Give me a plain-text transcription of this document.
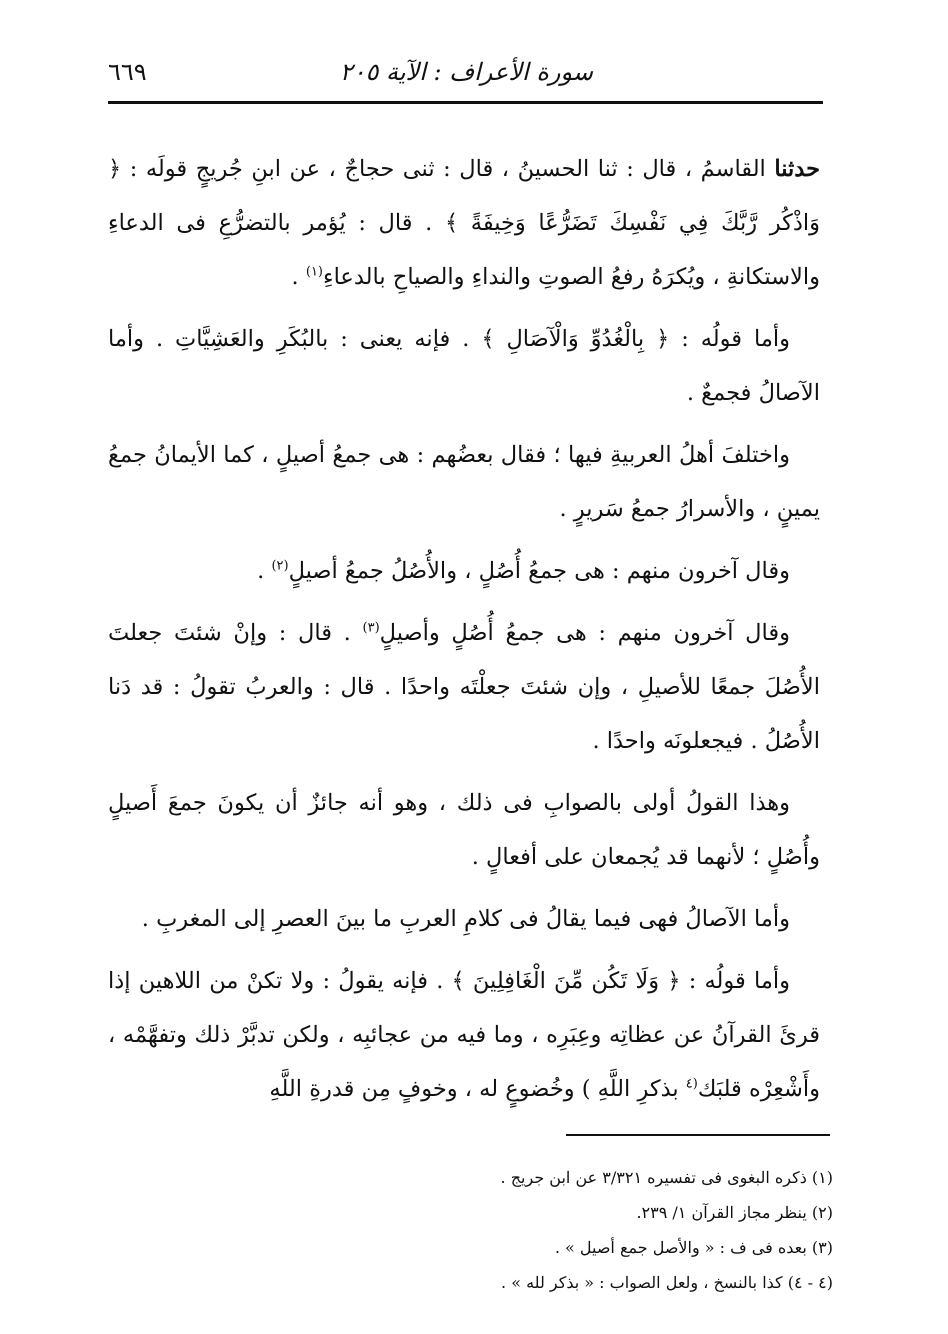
سورة الأعراف : الآية ٢٠٥
٦٦٩

حدثنا القاسمُ ، قال : ثنا الحسينُ ، قال : ثنى حجاجٌ ، عن ابنِ جُريجٍ قولَه : ﴿ وَاذْكُر رَّبَّكَ فِي نَفْسِكَ تَضَرُّعًا وَخِيفَةً ﴾ . قال : يُؤمر بالتضرُّعِ فى الدعاءِ والاستكانةِ ، ويُكرَهُ رفعُ الصوتِ والنداءِ والصياحِ بالدعاءِ$^{(١)}$ .

وأما قولُه : ﴿ بِالْغُدُوِّ وَالْآصَالِ ﴾ . فإنه يعنى : بالبُكَرِ والعَشِيَّاتِ . وأما الآصالُ فجمعٌ .

واختلفَ أهلُ العربيةِ فيها ؛ فقال بعضُهم : هى جمعُ أصيلٍ ، كما الأيمانُ جمعُ يمينٍ ، والأسرارُ جمعُ سَريرٍ .

وقال آخرون منهم : هى جمعُ أُصُلٍ ، والأُصُلُ جمعُ أصيلٍ$^{(٢)}$ .

وقال آخرون منهم : هى جمعُ أُصُلٍ وأصيلٍ$^{(٣)}$ . قال : وإنْ شئتَ جعلتَ الأُصُلَ جمعًا للأصيلِ ، وإن شئتَ جعلْتَه واحدًا . قال : والعربُ تقولُ : قد دَنا الأُصُلُ . فيجعلونَه واحدًا .

وهذا القولُ أولى بالصوابِ فى ذلك ، وهو أنه جائزٌ أن يكونَ جمعَ أَصيلٍ وأُصُلٍ ؛ لأنهما قد يُجمعان على أفعالٍ .

وأما الآصالُ فهى فيما يقالُ فى كلامِ العربِ ما بينَ العصرِ إلى المغربِ .

وأما قولُه : ﴿ وَلَا تَكُن مِّنَ الْغَافِلِينَ ﴾ . فإنه يقولُ : ولا تكنْ من اللاهين إذا قرئَ القرآنُ عن عظاتِه وعِبَرِه ، وما فيه من عجائبِه ، ولكن تدبَّرْ ذلك وتفهَّمْه ، وأَشْعِرْه قلبَك$^{(٤}$ بذكرِ اللَّهِ ) وخُضوعٍ له ، وخوفٍ مِن قدرةِ اللَّهِ

(١) ذكره البغوى فى تفسيره ٣/٣٢١ عن ابن جريج .
(٢) ينظر مجاز القرآن ١/ ٢٣٩.
(٣) بعده فى ف : « والأصل جمع أصيل » .
(٤ - ٤) كذا بالنسخ ، ولعل الصواب : « بذكر لله » .
